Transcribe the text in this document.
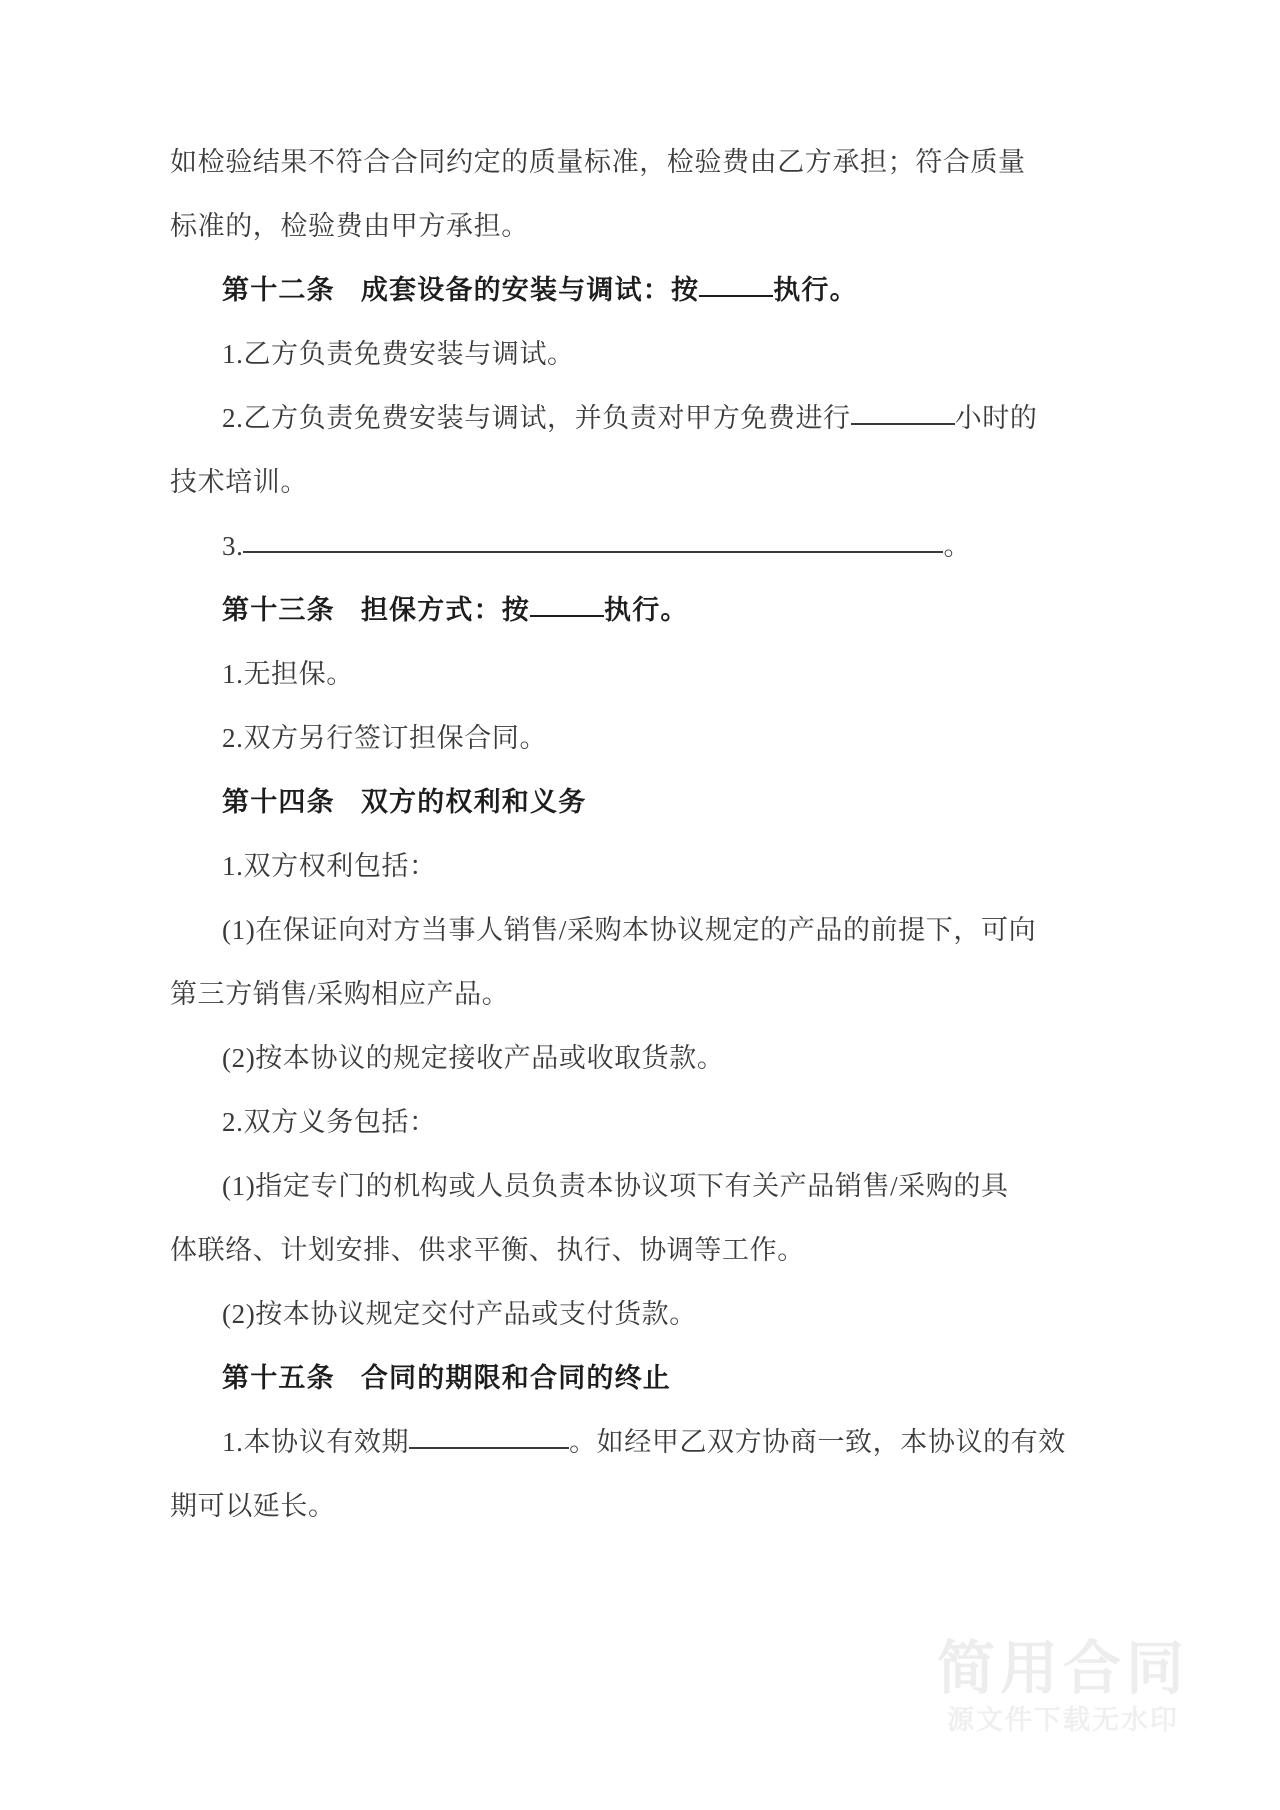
如检验结果不符合合同约定的质量标准，检验费由乙方承担；符合质量
标准的，检验费由甲方承担。
第十二条 成套设备的安装与调试：按	执行。
1.乙方负责免费安装与调试。
2.乙方负责免费安装与调试，并负责对甲方免费进行	小时的
技术培训。
3.	。
第十三条 担保方式：按	执行。
1.无担保。
2.双方另行签订担保合同。
第十四条 双方的权利和义务
1.双方权利包括：
(1)在保证向对方当事人销售/采购本协议规定的产品的前提下，可向
第三方销售/采购相应产品。
(2)按本协议的规定接收产品或收取货款。
2.双方义务包括：
(1)指定专门的机构或人员负责本协议项下有关产品销售/采购的具
体联络、计划安排、供求平衡、执行、协调等工作。
(2)按本协议规定交付产品或支付货款。
第十五条 合同的期限和合同的终止
1.本协议有效期	。如经甲乙双方协商一致，本协议的有效
期可以延长。
简用合同
源文件下载无水印
